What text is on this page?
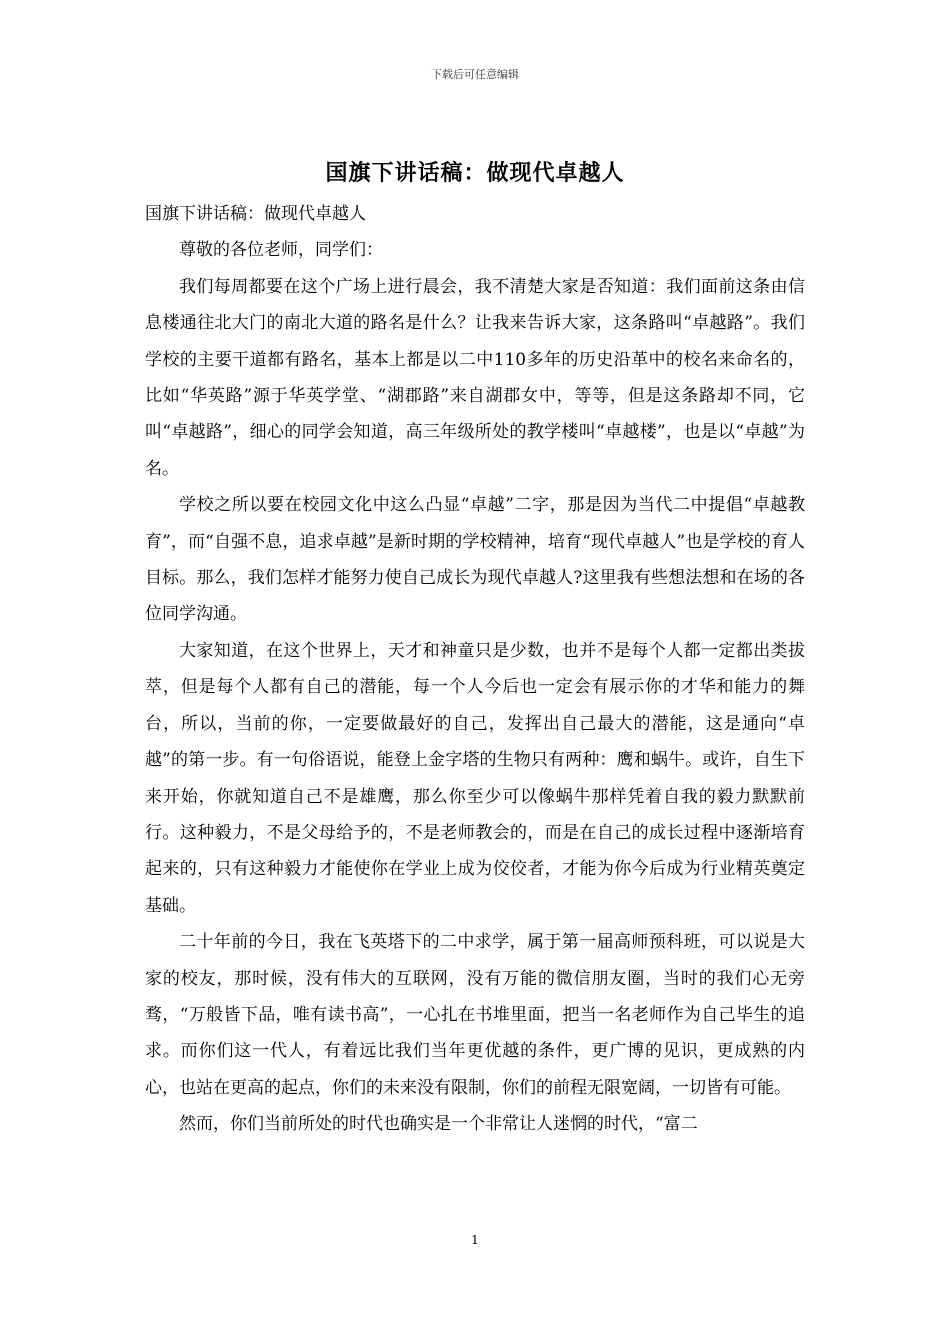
下载后可任意编辑
国旗下讲话稿：做现代卓越人

国旗下讲话稿：做现代卓越人

尊敬的各位老师，同学们：

我们每周都要在这个广场上进行晨会，我不清楚大家是否知道：我们面前这条由信息楼通往北大门的南北大道的路名是什么？让我来告诉大家，这条路叫“卓越路”。我们学校的主要干道都有路名，基本上都是以二中110多年的历史沿革中的校名来命名的，比如“华英路”源于华英学堂、“湖郡路”来自湖郡女中，等等，但是这条路却不同，它叫“卓越路”，细心的同学会知道，高三年级所处的教学楼叫“卓越楼”，也是以“卓越”为名。

学校之所以要在校园文化中这么凸显“卓越”二字，那是因为当代二中提倡“卓越教育”，而“自强不息，追求卓越”是新时期的学校精神，培育“现代卓越人”也是学校的育人目标。那么，我们怎样才能努力使自己成长为现代卓越人?这里我有些想法想和在场的各位同学沟通。

大家知道，在这个世界上，天才和神童只是少数，也并不是每个人都一定都出类拔萃，但是每个人都有自己的潜能，每一个人今后也一定会有展示你的才华和能力的舞台，所以，当前的你，一定要做最好的自己，发挥出自己最大的潜能，这是通向“卓越”的第一步。有一句俗语说，能登上金字塔的生物只有两种：鹰和蜗牛。或许，自生下来开始，你就知道自己不是雄鹰，那么你至少可以像蜗牛那样凭着自我的毅力默默前行。这种毅力，不是父母给予的，不是老师教会的，而是在自己的成长过程中逐渐培育起来的，只有这种毅力才能使你在学业上成为佼佼者，才能为你今后成为行业精英奠定基础。

二十年前的今日，我在飞英塔下的二中求学，属于第一届高师预科班，可以说是大家的校友，那时候，没有伟大的互联网，没有万能的微信朋友圈，当时的我们心无旁骛，“万般皆下品，唯有读书高”，一心扎在书堆里面，把当一名老师作为自己毕生的追求。而你们这一代人，有着远比我们当年更优越的条件，更广博的见识，更成熟的内心，也站在更高的起点，你们的未来没有限制，你们的前程无限宽阔，一切皆有可能。

然而，你们当前所处的时代也确实是一个非常让人迷惘的时代，“富二

1
